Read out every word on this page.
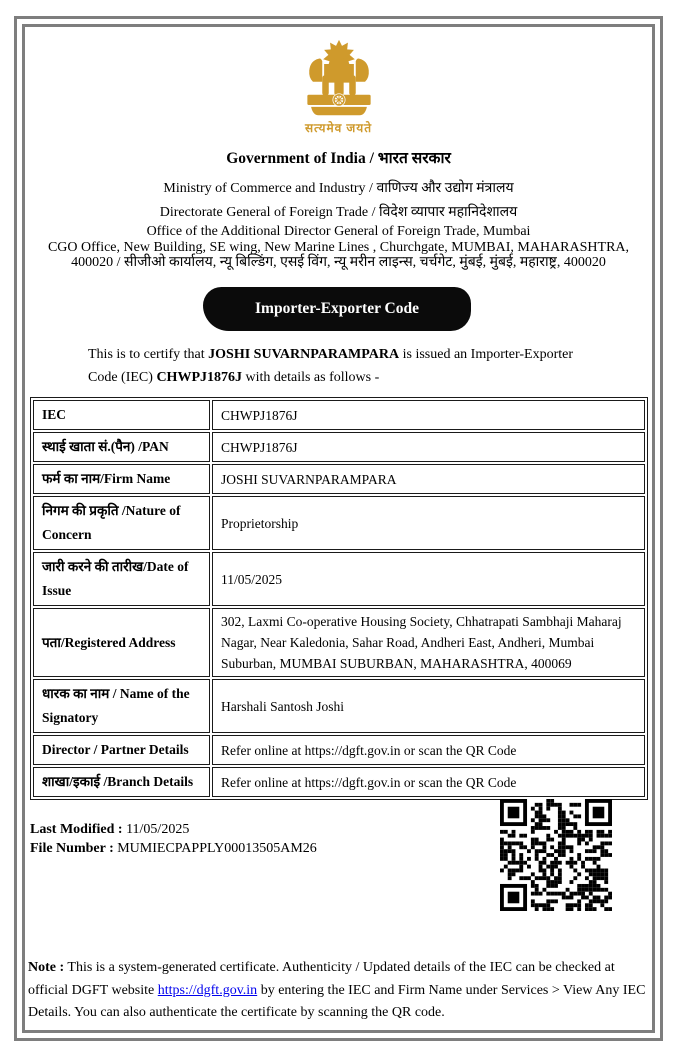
सत्यमेव जयते
Government of India / भारत सरकार
Ministry of Commerce and Industry / वाणिज्य और उद्योग मंत्रालय
Directorate General of Foreign Trade / विदेश व्यापार महानिदेशालय
Office of the Additional Director General of Foreign Trade, Mumbai
CGO Office, New Building, SE wing, New Marine Lines , Churchgate, MUMBAI, MAHARASHTRA,
400020 / सीजीओ कार्यालय, न्यू बिल्डिंग, एसई विंग, न्यू मरीन लाइन्स, चर्चगेट, मुंबई, मुंबई, महाराष्ट्र, 400020
Importer-Exporter Code
This is to certify that JOSHI SUVARNPARAMPARA is issued an Importer-Exporter Code (IEC) CHWPJ1876J with details as follows -
IEC	CHWPJ1876J
स्थाई खाता सं.(पैन) /PAN	CHWPJ1876J
फर्म का नाम/Firm Name	JOSHI SUVARNPARAMPARA
निगम की प्रकृति /Nature of Concern	Proprietorship
जारी करने की तारीख/Date of Issue	11/05/2025
पता/Registered Address	302, Laxmi Co-operative Housing Society, Chhatrapati Sambhaji Maharaj Nagar, Near Kaledonia, Sahar Road, Andheri East, Andheri, Mumbai Suburban, MUMBAI SUBURBAN, MAHARASHTRA, 400069
धारक का नाम / Name of the Signatory	Harshali Santosh Joshi
Director / Partner Details	Refer online at https://dgft.gov.in or scan the QR Code
शाखा/इकाई /Branch Details	Refer online at https://dgft.gov.in or scan the QR Code
Last Modified : 11/05/2025
File Number : MUMIECPAPPLY00013505AM26
Note : This is a system-generated certificate. Authenticity / Updated details of the IEC can be checked at official DGFT website https://dgft.gov.in by entering the IEC and Firm Name under Services > View Any IEC Details. You can also authenticate the certificate by scanning the QR code.
